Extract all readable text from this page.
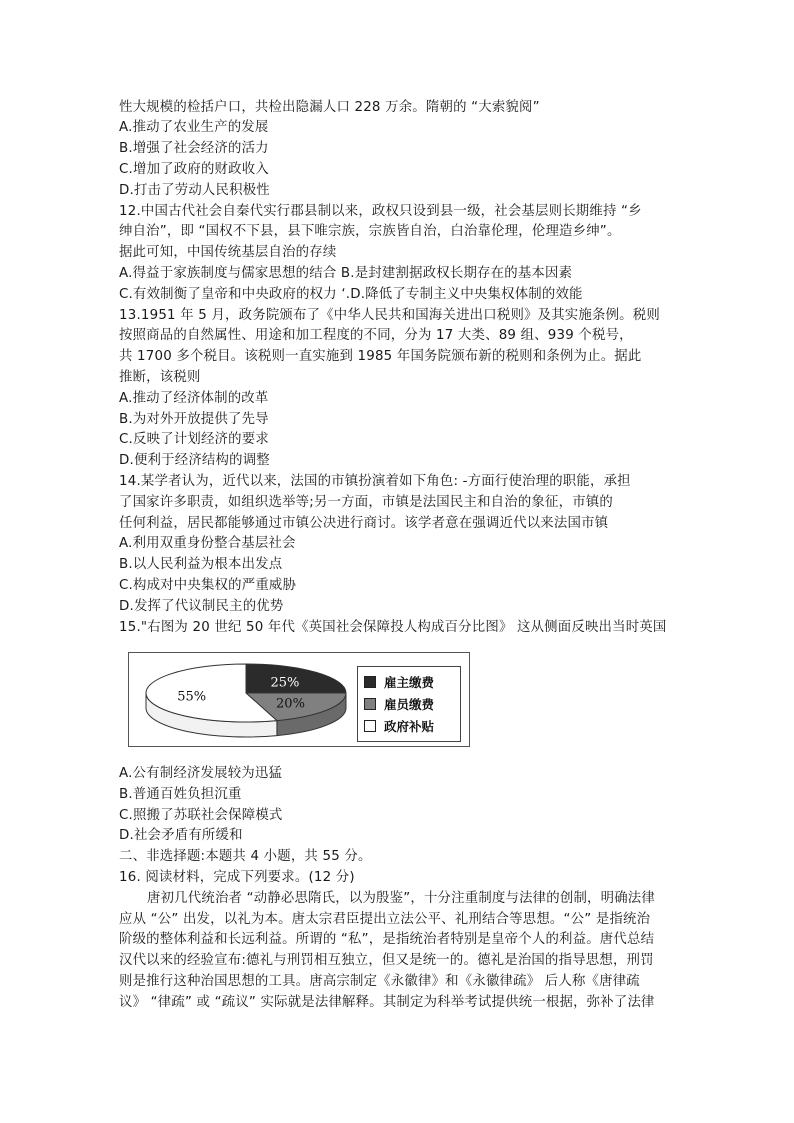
性大规模的检括户口，共检出隐漏人口 228 万余。隋朝的 “大索貌阅”
A.推动了农业生产的发展
B.增强了社会经济的活力
C.增加了政府的财政收入
D.打击了劳动人民积极性
12.中国古代社会自秦代实行郡县制以来，政权只设到县一级，社会基层则长期维持 “乡
绅自治”，即 “国权不下县，县下唯宗族，宗族皆自治，白治靠伦理，伦理造乡绅”。
据此可知，中国传统基层自治的存续
A.得益于家族制度与儒家思想的结合 B.是封建割据政权长期存在的基本因素
C.有效制衡了皇帝和中央政府的权力 ‘.D.降低了专制主义中央集权体制的效能
13.1951 年 5 月，政务院颁布了《中华人民共和国海关进出口税则》及其实施条例。税则
按照商品的自然属性、用途和加工程度的不同，分为 17 大类、89 组、939 个税号，
共 1700 多个税目。该税则一直实施到 1985 年国务院颁布新的税则和条例为止。据此
推断，该税则
A.推动了经济体制的改革
B.为对外开放提供了先导
C.反映了计划经济的要求
D.便利于经济结构的调整
14.某学者认为，近代以来，法国的市镇扮演着如下角色: -方面行使治理的职能，承担
了国家许多职责，如组织选举等;另一方面，市镇是法国民主和自治的象征，市镇的
任何利益，居民都能够通过市镇公决进行商讨。该学者意在强调近代以来法国市镇
A.利用双重身份整合基层社会
B.以人民利益为根本出发点
C.构成对中央集权的严重威胁
D.发挥了代议制民主的优势
15."右图为 20 世纪 50 年代《英国社会保障投人构成百分比图》 这从侧面反映出当时英国
25%
20%
55%
雇主缴费
雇员缴费
政府补贴
A.公有制经济发展较为迅猛
B.普通百姓负担沉重
C.照搬了苏联社会保障模式
D.社会矛盾有所缓和
二、非选择题:本题共 4 小题，共 55 分。
16. 阅读材料，完成下列要求。(12 分)
唐初几代统治者 “动静必思隋氏，以为殷鉴”，十分注重制度与法律的创制，明确法律
应从 “公” 出发，以礼为本。唐太宗君臣提出立法公平、礼刑结合等思想。“公” 是指统治
阶级的整体利益和长远利益。所谓的 “私”，是指统治者特别是皇帝个人的利益。唐代总结
汉代以来的经验宣布:德礼与刑罚相互独立，但又是统一的。德礼是治国的指导思想，刑罚
则是推行这种治国思想的工具。唐高宗制定《永徽律》和《永徽律疏》 后人称《唐律疏
议》 “律疏” 或 “疏议” 实际就是法律解释。其制定为科举考试提供统一根据，弥补了法律
